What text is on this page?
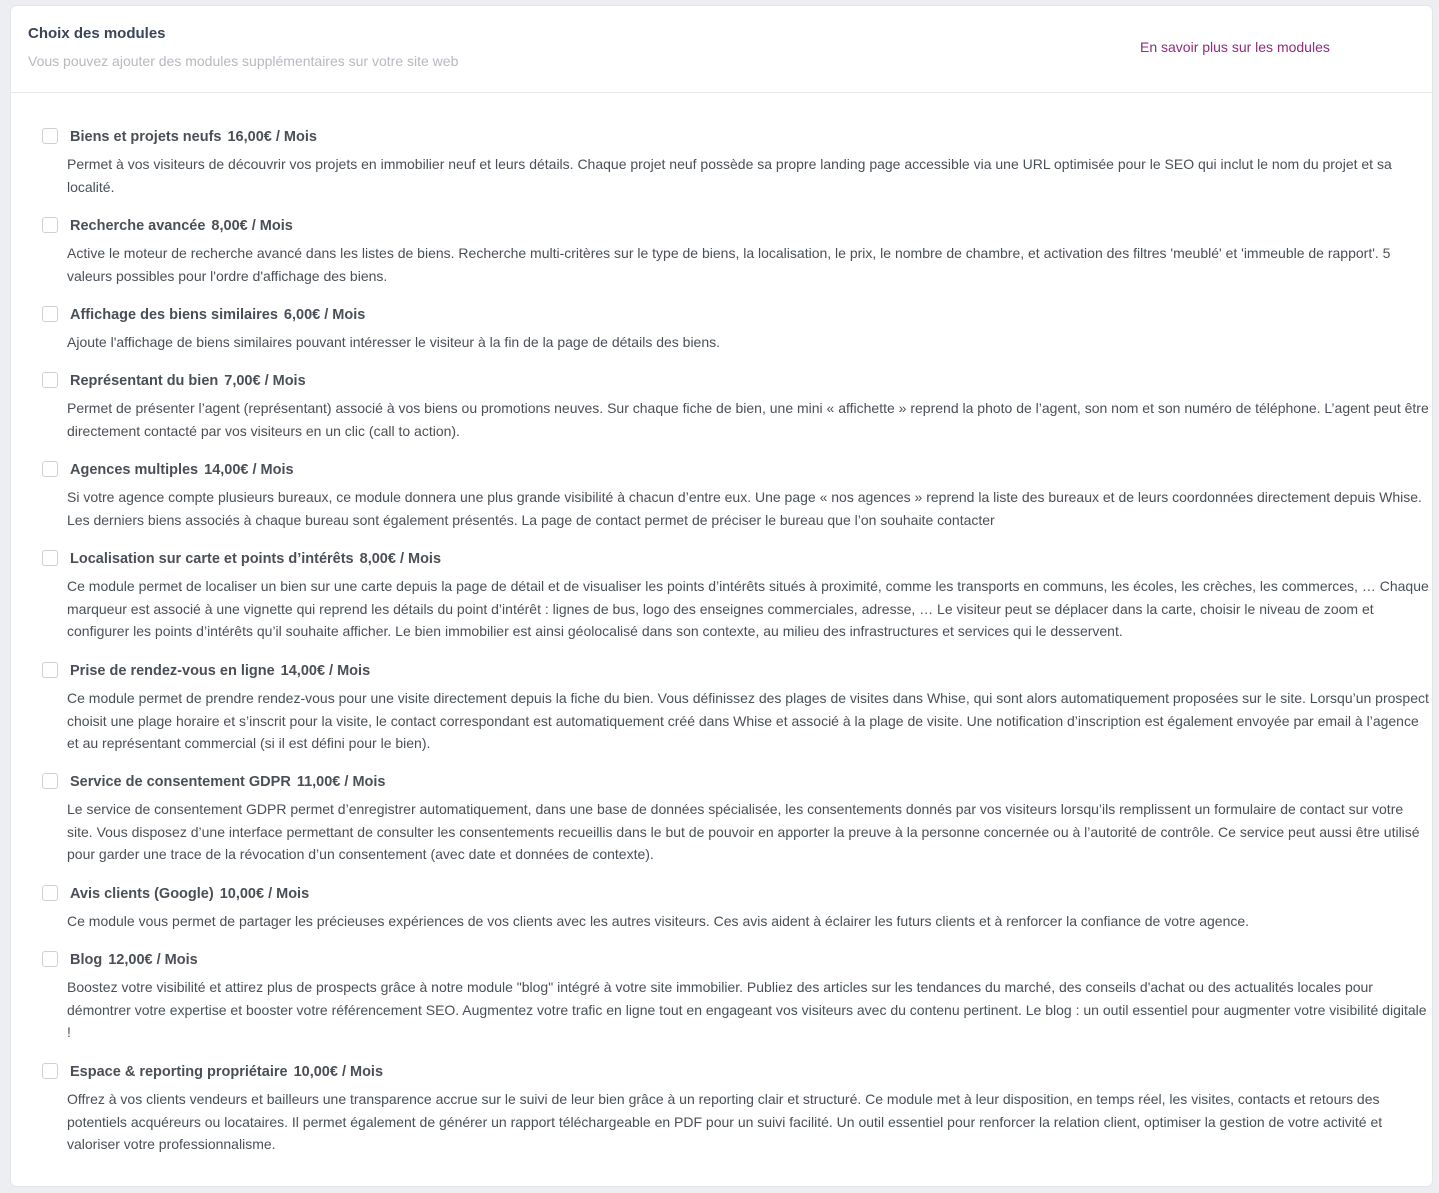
Choix des modules
Vous pouvez ajouter des modules supplémentaires sur votre site web
En savoir plus sur les modules
Biens et projets neufs 16,00€ / Mois
Permet à vos visiteurs de découvrir vos projets en immobilier neuf et leurs détails. Chaque projet neuf possède sa propre landing page accessible via une URL optimisée pour le SEO qui inclut le nom du projet et sa localité.
Recherche avancée 8,00€ / Mois
Active le moteur de recherche avancé dans les listes de biens. Recherche multi-critères sur le type de biens, la localisation, le prix, le nombre de chambre, et activation des filtres 'meublé' et 'immeuble de rapport'. 5 valeurs possibles pour l'ordre d'affichage des biens.
Affichage des biens similaires 6,00€ / Mois
Ajoute l'affichage de biens similaires pouvant intéresser le visiteur à la fin de la page de détails des biens.
Représentant du bien 7,00€ / Mois
Permet de présenter l’agent (représentant) associé à vos biens ou promotions neuves. Sur chaque fiche de bien, une mini « affichette » reprend la photo de l’agent, son nom et son numéro de téléphone. L’agent peut être directement contacté par vos visiteurs en un clic (call to action).
Agences multiples 14,00€ / Mois
Si votre agence compte plusieurs bureaux, ce module donnera une plus grande visibilité à chacun d’entre eux. Une page « nos agences » reprend la liste des bureaux et de leurs coordonnées directement depuis Whise. Les derniers biens associés à chaque bureau sont également présentés. La page de contact permet de préciser le bureau que l’on souhaite contacter
Localisation sur carte et points d’intérêts 8,00€ / Mois
Ce module permet de localiser un bien sur une carte depuis la page de détail et de visualiser les points d’intérêts situés à proximité, comme les transports en communs, les écoles, les crèches, les commerces, … Chaque marqueur est associé à une vignette qui reprend les détails du point d’intérêt : lignes de bus, logo des enseignes commerciales, adresse, … Le visiteur peut se déplacer dans la carte, choisir le niveau de zoom et configurer les points d’intérêts qu’il souhaite afficher. Le bien immobilier est ainsi géolocalisé dans son contexte, au milieu des infrastructures et services qui le desservent.
Prise de rendez-vous en ligne 14,00€ / Mois
Ce module permet de prendre rendez-vous pour une visite directement depuis la fiche du bien. Vous définissez des plages de visites dans Whise, qui sont alors automatiquement proposées sur le site. Lorsqu’un prospect choisit une plage horaire et s’inscrit pour la visite, le contact correspondant est automatiquement créé dans Whise et associé à la plage de visite. Une notification d’inscription est également envoyée par email à l’agence et au représentant commercial (si il est défini pour le bien).
Service de consentement GDPR 11,00€ / Mois
Le service de consentement GDPR permet d’enregistrer automatiquement, dans une base de données spécialisée, les consentements donnés par vos visiteurs lorsqu’ils remplissent un formulaire de contact sur votre site. Vous disposez d’une interface permettant de consulter les consentements recueillis dans le but de pouvoir en apporter la preuve à la personne concernée ou à l’autorité de contrôle. Ce service peut aussi être utilisé pour garder une trace de la révocation d’un consentement (avec date et données de contexte).
Avis clients (Google) 10,00€ / Mois
Ce module vous permet de partager les précieuses expériences de vos clients avec les autres visiteurs. Ces avis aident à éclairer les futurs clients et à renforcer la confiance de votre agence.
Blog 12,00€ / Mois
Boostez votre visibilité et attirez plus de prospects grâce à notre module "blog" intégré à votre site immobilier. Publiez des articles sur les tendances du marché, des conseils d'achat ou des actualités locales pour démontrer votre expertise et booster votre référencement SEO. Augmentez votre trafic en ligne tout en engageant vos visiteurs avec du contenu pertinent. Le blog : un outil essentiel pour augmenter votre visibilité digitale !
Espace & reporting propriétaire 10,00€ / Mois
Offrez à vos clients vendeurs et bailleurs une transparence accrue sur le suivi de leur bien grâce à un reporting clair et structuré. Ce module met à leur disposition, en temps réel, les visites, contacts et retours des potentiels acquéreurs ou locataires. Il permet également de générer un rapport téléchargeable en PDF pour un suivi facilité. Un outil essentiel pour renforcer la relation client, optimiser la gestion de votre activité et valoriser votre professionnalisme.
